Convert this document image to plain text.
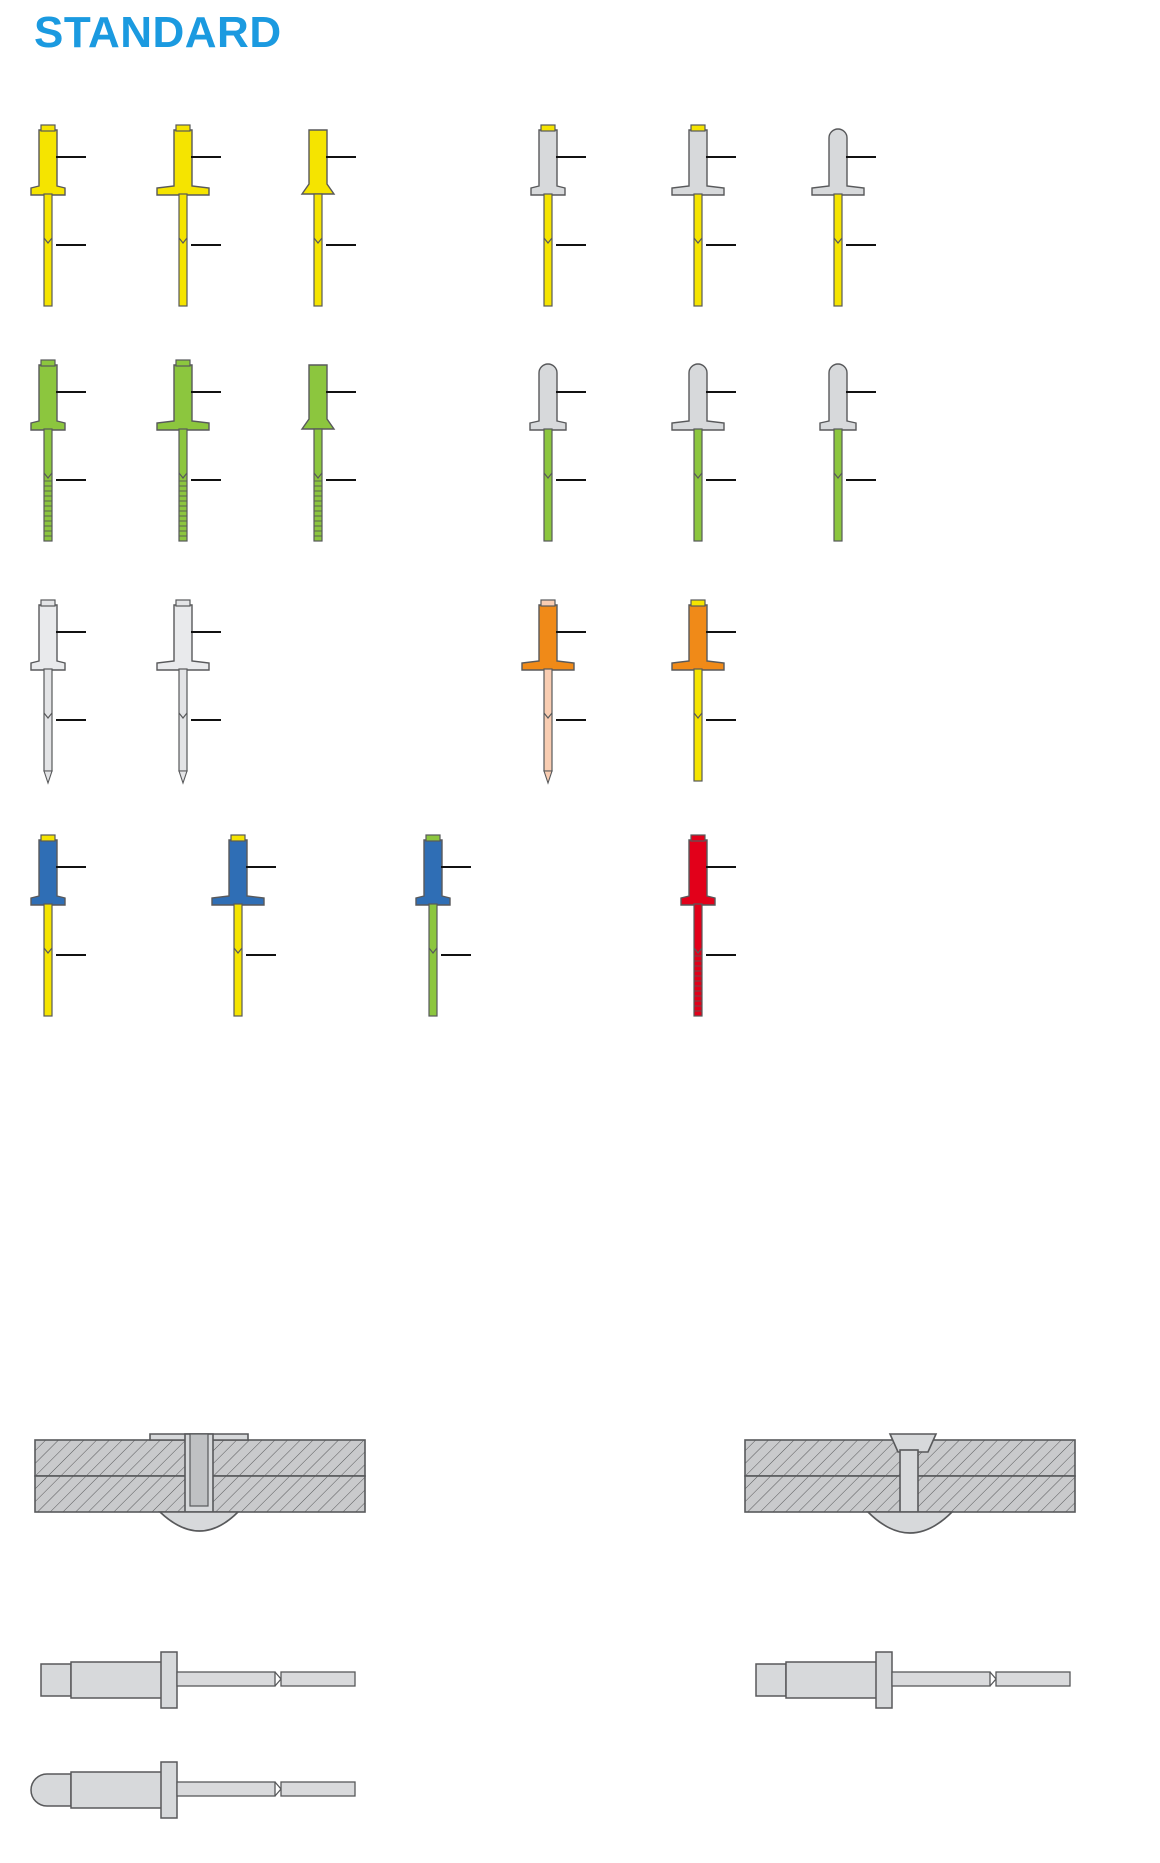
STANDARD
